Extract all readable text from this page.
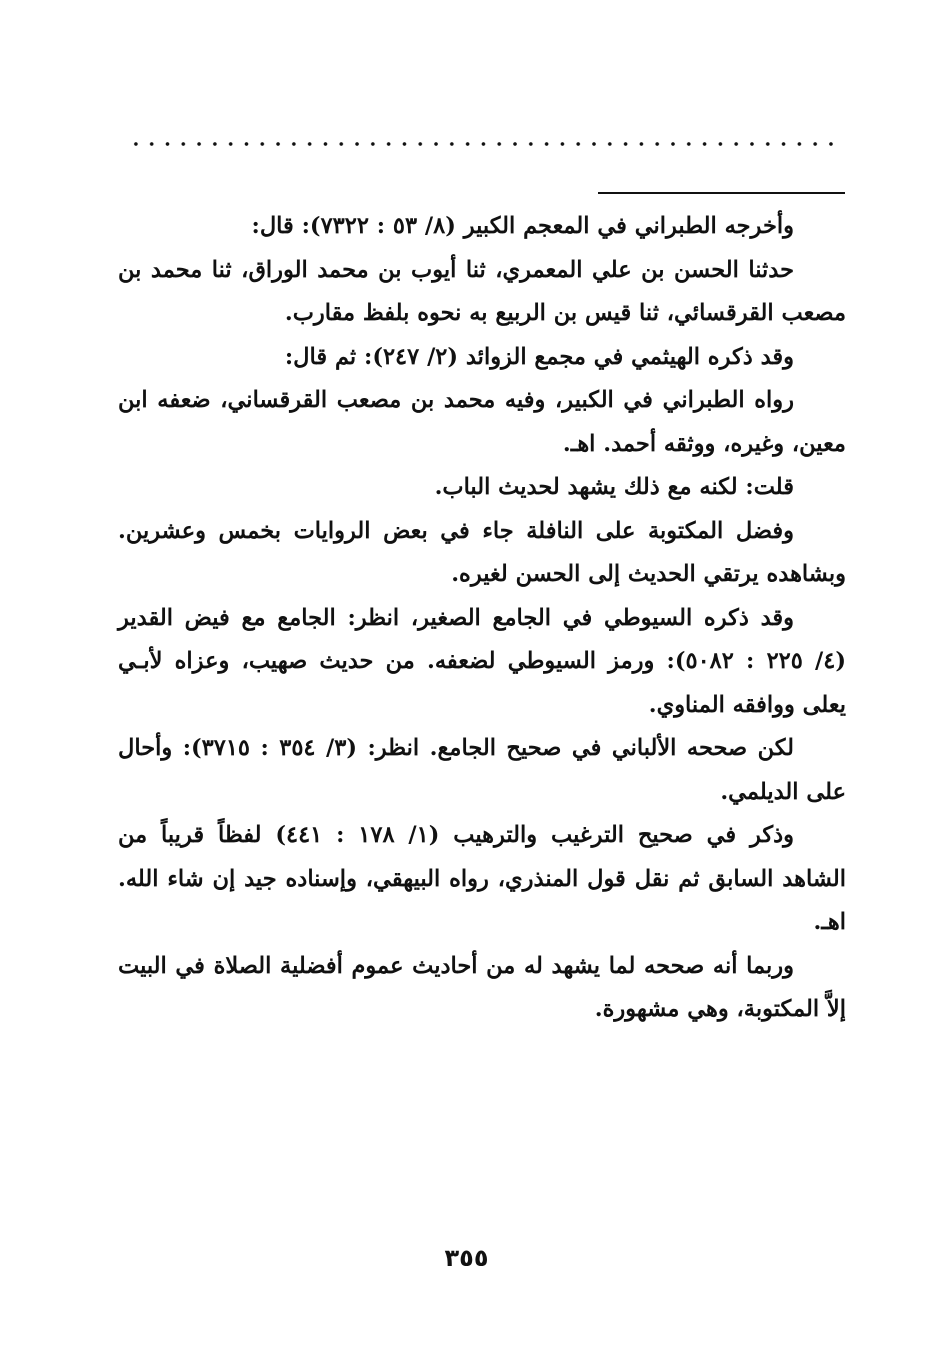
وأخرجه الطبراني في المعجم الكبير (٨/ ٥٣ : ٧٣٢٢): قال:

حدثنا الحسن بن علي المعمري، ثنا أيوب بن محمد الوراق، ثنا محمد بن مصعب القرقسائي، ثنا قيس بن الربيع به نحوه بلفظ مقارب.

وقد ذكره الهيثمي في مجمع الزوائد (٢/ ٢٤٧): ثم قال:

رواه الطبراني في الكبير، وفيه محمد بن مصعب القرقساني، ضعفه ابن معين، وغيره، ووثقه أحمد. اهـ.

قلت: لكنه مع ذلك يشهد لحديث الباب.

وفضل المكتوبة على النافلة جاء في بعض الروايات بخمس وعشرين. وبشاهده يرتقي الحديث إلى الحسن لغيره.

وقد ذكره السيوطي في الجامع الصغير، انظر: الجامع مع فيض القدير (٤/ ٢٢٥ : ٥٠٨٢): ورمز السيوطي لضعفه. من حديث صهيب، وعزاه لأبـي يعلى ووافقه المناوي.

لكن صححه الألباني في صحيح الجامع. انظر: (٣/ ٣٥٤ : ٣٧١٥): وأحال على الديلمي.

وذكر في صحيح الترغيب والترهيب (١/ ١٧٨ : ٤٤١) لفظاً قريباً من الشاهد السابق ثم نقل قول المنذري، رواه البيهقي، وإسناده جيد إن شاء الله. اهـ.

وربما أنه صححه لما يشهد له من أحاديث عموم أفضلية الصلاة في البيت إلاَّ المكتوبة، وهي مشهورة.

٣٥٥
